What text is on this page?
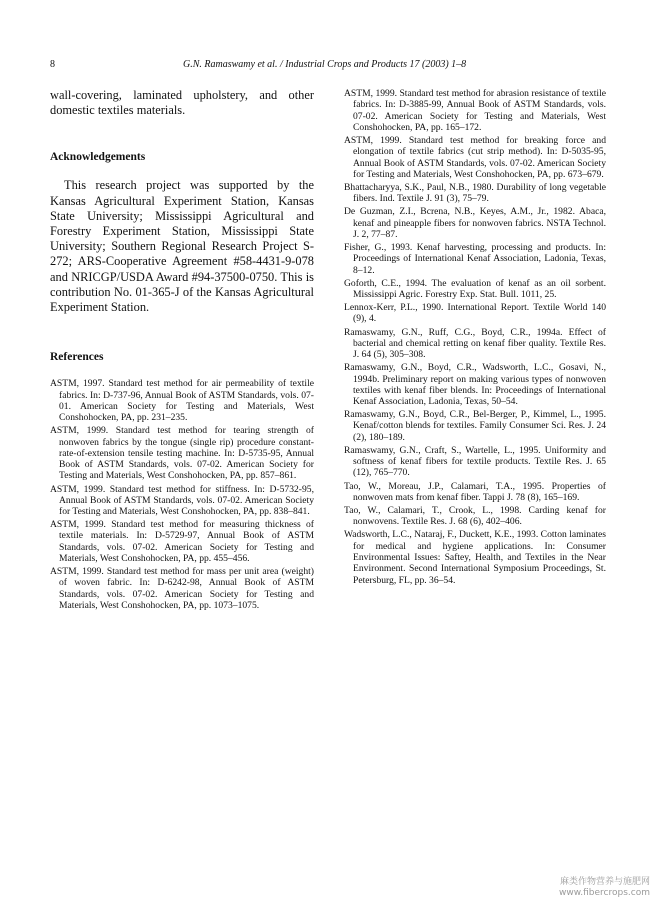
8	G.N. Ramaswamy et al. / Industrial Crops and Products 17 (2003) 1–8

wall-covering, laminated upholstery, and other domestic textiles materials.

Acknowledgements

This research project was supported by the Kansas Agricultural Experiment Station, Kansas State University; Mississippi Agricultural and Forestry Experiment Station, Mississippi State University; Southern Regional Research Project S-272; ARS-Cooperative Agreement #58-4431-9-078 and NRICGP/USDA Award #94-37500-0750. This is contribution No. 01-365-J of the Kansas Agricultural Experiment Station.

References
ASTM, 1997. Standard test method for air permeability of textile fabrics. In: D-737-96, Annual Book of ASTM Standards, vols. 07-01. American Society for Testing and Materials, West Conshohocken, PA, pp. 231–235.
ASTM, 1999. Standard test method for tearing strength of nonwoven fabrics by the tongue (single rip) procedure constant-rate-of-extension tensile testing machine. In: D-5735-95, Annual Book of ASTM Standards, vols. 07-02. American Society for Testing and Materials, West Conshohocken, PA, pp. 857–861.
ASTM, 1999. Standard test method for stiffness. In: D-5732-95, Annual Book of ASTM Standards, vols. 07-02. American Society for Testing and Materials, West Conshohocken, PA, pp. 838–841.
ASTM, 1999. Standard test method for measuring thickness of textile materials. In: D-5729-97, Annual Book of ASTM Standards, vols. 07-02. American Society for Testing and Materials, West Conshohocken, PA, pp. 455–456.
ASTM, 1999. Standard test method for mass per unit area (weight) of woven fabric. In: D-6242-98, Annual Book of ASTM Standards, vols. 07-02. American Society for Testing and Materials, West Conshohocken, PA, pp. 1073–1075.
ASTM, 1999. Standard test method for abrasion resistance of textile fabrics. In: D-3885-99, Annual Book of ASTM Standards, vols. 07-02. American Society for Testing and Materials, West Conshohocken, PA, pp. 165–172.
ASTM, 1999. Standard test method for breaking force and elongation of textile fabrics (cut strip method). In: D-5035-95, Annual Book of ASTM Standards, vols. 07-02. American Society for Testing and Materials, West Conshohocken, PA, pp. 673–679.
Bhattacharyya, S.K., Paul, N.B., 1980. Durability of long vegetable fibers. Ind. Textile J. 91 (3), 75–79.
De Guzman, Z.I., Bcrena, N.B., Keyes, A.M., Jr., 1982. Abaca, kenaf and pineapple fibers for nonwoven fabrics. NSTA Technol. J. 2, 77–87.
Fisher, G., 1993. Kenaf harvesting, processing and products. In: Proceedings of International Kenaf Association, Ladonia, Texas, 8–12.
Goforth, C.E., 1994. The evaluation of kenaf as an oil sorbent. Mississippi Agric. Forestry Exp. Stat. Bull. 1011, 25.
Lennox-Kerr, P.L., 1990. International Report. Textile World 140 (9), 4.
Ramaswamy, G.N., Ruff, C.G., Boyd, C.R., 1994a. Effect of bacterial and chemical retting on kenaf fiber quality. Textile Res. J. 64 (5), 305–308.
Ramaswamy, G.N., Boyd, C.R., Wadsworth, L.C., Gosavi, N., 1994b. Preliminary report on making various types of nonwoven textiles with kenaf fiber blends. In: Proceedings of International Kenaf Association, Ladonia, Texas, 50–54.
Ramaswamy, G.N., Boyd, C.R., Bel-Berger, P., Kimmel, L., 1995. Kenaf/cotton blends for textiles. Family Consumer Sci. Res. J. 24 (2), 180–189.
Ramaswamy, G.N., Craft, S., Wartelle, L., 1995. Uniformity and softness of kenaf fibers for textile products. Textile Res. J. 65 (12), 765–770.
Tao, W., Moreau, J.P., Calamari, T.A., 1995. Properties of nonwoven mats from kenaf fiber. Tappi J. 78 (8), 165–169.
Tao, W., Calamari, T., Crook, L., 1998. Carding kenaf for nonwovens. Textile Res. J. 68 (6), 402–406.
Wadsworth, L.C., Nataraj, F., Duckett, K.E., 1993. Cotton laminates for medical and hygiene applications. In: Consumer Environmental Issues: Saftey, Health, and Textiles in the Near Environment. Second International Symposium Proceedings, St. Petersburg, FL, pp. 36–54.
麻类作物营养与施肥网
www.fibercrops.com
